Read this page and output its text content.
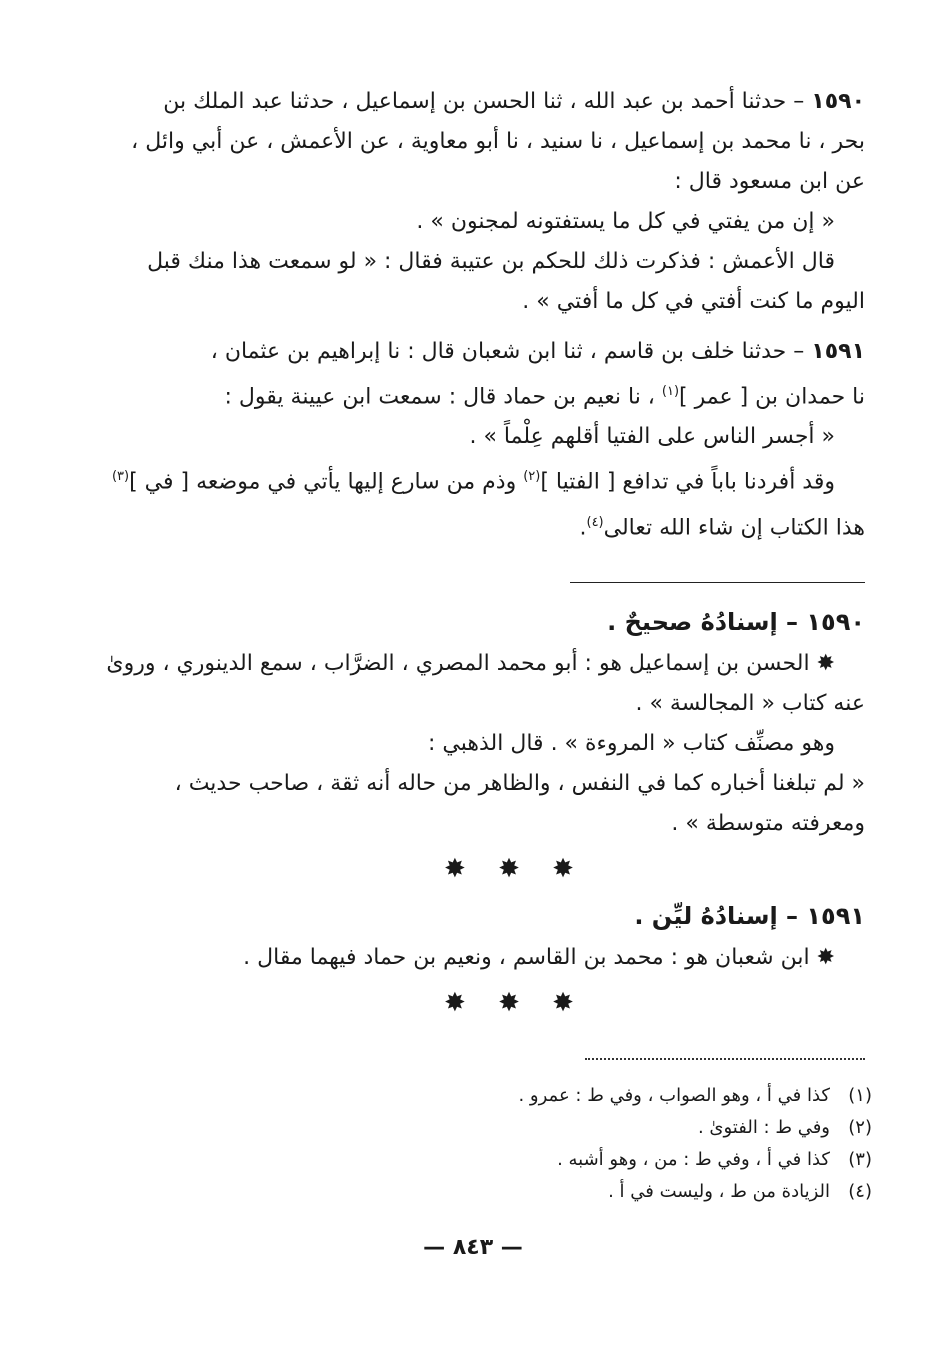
١٥٩٠ – حدثنا أحمد بن عبد الله ، ثنا الحسن بن إسماعيل ، حدثنا عبد الملك بن
بحر ، نا محمد بن إسماعيل ، نا سنيد ، نا أبو معاوية ، عن الأعمش ، عن أبي وائل ،
عن ابن مسعود قال :
« إن من يفتي في كل ما يستفتونه لمجنون » .
قال الأعمش : فذكرت ذلك للحكم بن عتيبة فقال : « لو سمعت هذا منك قبل
اليوم ما كنت أفتي في كل ما أفتي » .
١٥٩١ – حدثنا خلف بن قاسم ، ثنا ابن شعبان قال : نا إبراهيم بن عثمان ،
نا حمدان بن [ عمر ]$^{(١)}$ ، نا نعيم بن حماد قال : سمعت ابن عيينة يقول :
« أجسر الناس على الفتيا أقلهم عِلْماً » .
وقد أفردنا باباً في تدافع [ الفتيا ]$^{(٢)}$ وذم من سارع إليها يأتي في موضعه [ في ]$^{(٣)}$
هذا الكتاب إن شاء الله تعالى$^{(٤)}$.
١٥٩٠ – إسنادُهُ صحيحٌ .
✸ الحسن بن إسماعيل هو : أبو محمد المصري ، الضرَّاب ، سمع الدينوري ، وروىٰ
عنه كتاب « المجالسة » .
وهو مصنِّف كتاب « المروءة » . قال الذهبي :
« لم تبلغنا أخباره كما في النفس ، والظاهر من حاله أنه ثقة ، صاحب حديث ،
ومعرفته متوسطة » .
✸ ✸ ✸
١٥٩١ – إسنادُهُ ليِّن .
✸ ابن شعبان هو : محمد بن القاسم ، ونعيم بن حماد فيهما مقال .
✸ ✸ ✸
(١)كذا في أ ، وهو الصواب ، وفي ط : عمرو .
(٢)وفي ط : الفتوىٰ .
(٣)كذا في أ ، وفي ط : من ، وهو أشبه .
(٤)الزيادة من ط ، وليست في أ .
— ٨٤٣ —
